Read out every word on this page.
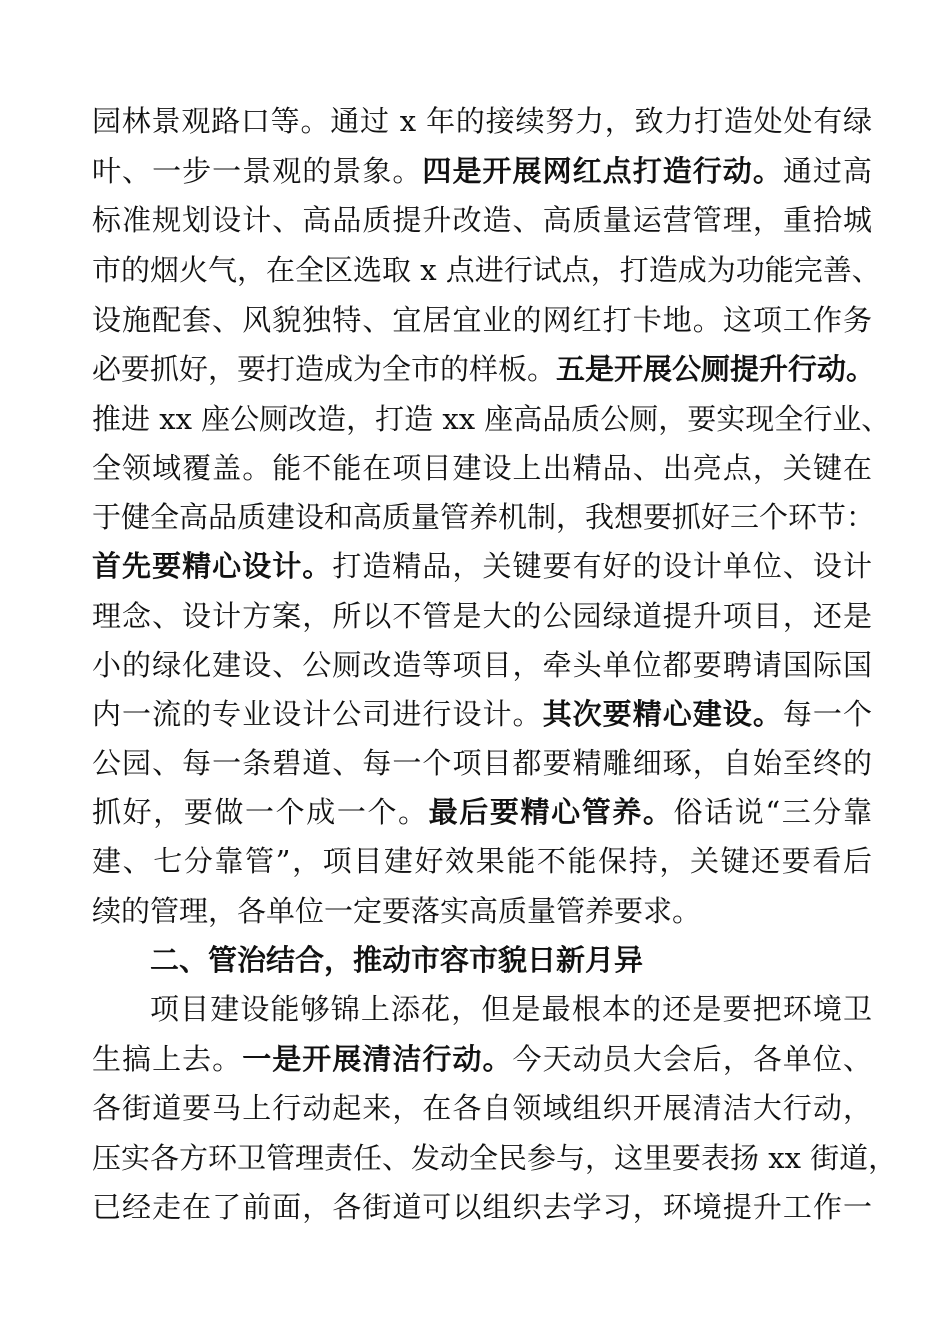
园林景观路口等。通过 x 年的接续努力，致力打造处处有绿
叶、一步一景观的景象。四是开展网红点打造行动。通过高
标准规划设计、高品质提升改造、高质量运营管理，重拾城
市的烟火气，在全区选取 x 点进行试点，打造成为功能完善、
设施配套、风貌独特、宜居宜业的网红打卡地。这项工作务
必要抓好，要打造成为全市的样板。五是开展公厕提升行动。
推进 xx 座公厕改造，打造 xx 座高品质公厕，要实现全行业、
全领域覆盖。能不能在项目建设上出精品、出亮点，关键在
于健全高品质建设和高质量管养机制，我想要抓好三个环节：
首先要精心设计。打造精品，关键要有好的设计单位、设计
理念、设计方案，所以不管是大的公园绿道提升项目，还是
小的绿化建设、公厕改造等项目，牵头单位都要聘请国际国
内一流的专业设计公司进行设计。其次要精心建设。每一个
公园、每一条碧道、每一个项目都要精雕细琢，自始至终的
抓好，要做一个成一个。最后要精心管养。俗话说“三分靠
建、七分靠管”，项目建好效果能不能保持，关键还要看后
续的管理，各单位一定要落实高质量管养要求。
二、管治结合，推动市容市貌日新月异
项目建设能够锦上添花，但是最根本的还是要把环境卫
生搞上去。一是开展清洁行动。今天动员大会后，各单位、
各街道要马上行动起来，在各自领域组织开展清洁大行动，
压实各方环卫管理责任、发动全民参与，这里要表扬 xx 街道，
已经走在了前面，各街道可以组织去学习，环境提升工作一
